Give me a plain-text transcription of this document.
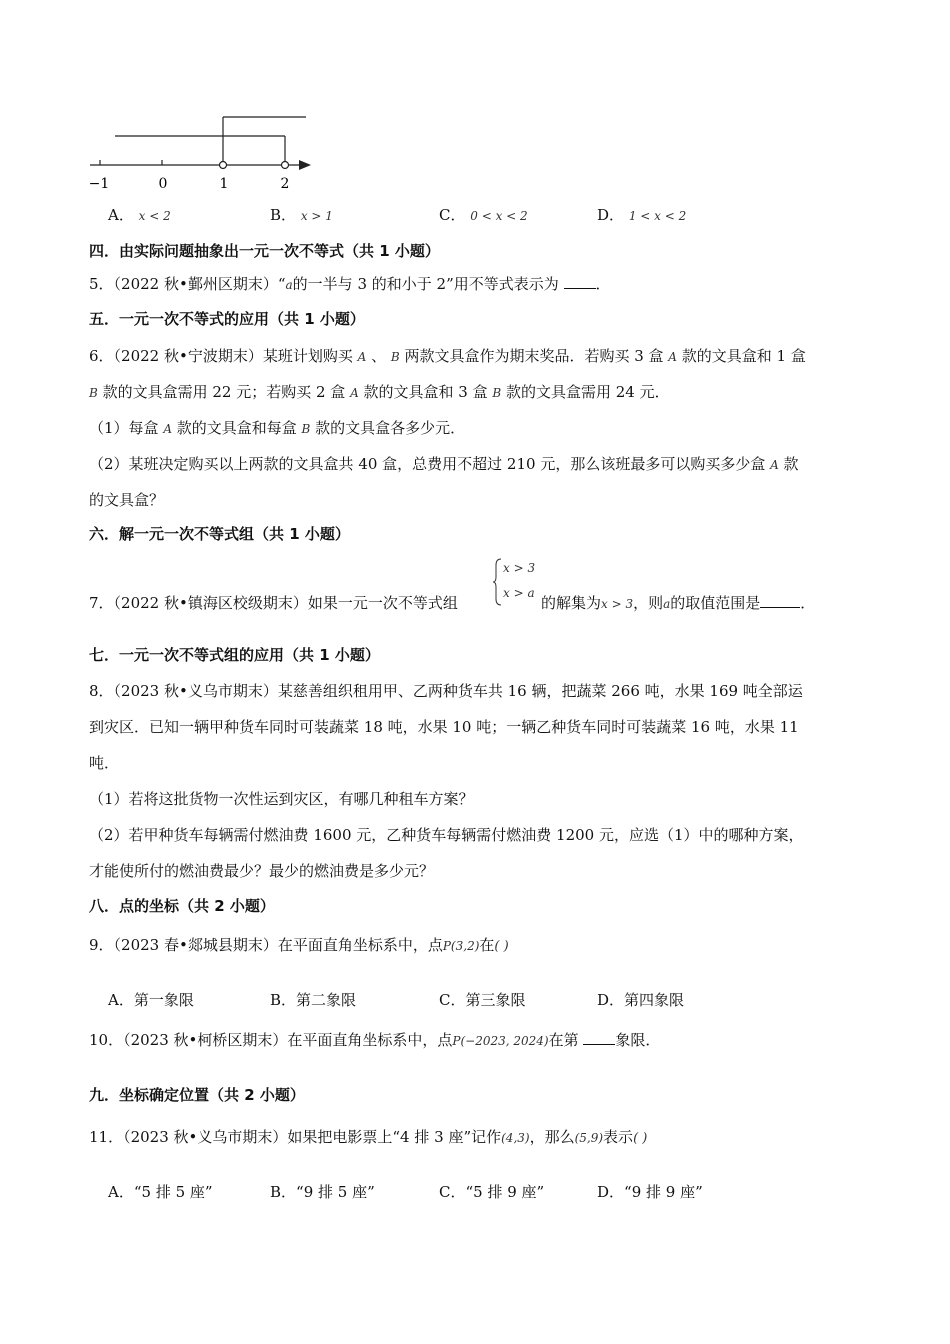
−1	0	1	2
A． x < 2	B． x > 1	C． 0 < x < 2	D． 1 < x < 2
四．由实际问题抽象出一元一次不等式（共 1 小题）
5．（2022 秋•鄞州区期末）“a的一半与 3 的和小于 2”用不等式表示为 ．
五．一元一次不等式的应用（共 1 小题）
6．（2022 秋•宁波期末）某班计划购买 A 、 B 两款文具盒作为期末奖品．若购买 3 盒 A 款的文具盒和 1 盒
B 款的文具盒需用 22 元；若购买 2 盒 A 款的文具盒和 3 盒 B 款的文具盒需用 24 元．
（1）每盒 A 款的文具盒和每盒 B 款的文具盒各多少元．
（2）某班决定购买以上两款的文具盒共 40 盒，总费用不超过 210 元，那么该班最多可以购买多少盒 A 款
的文具盒？
六．解一元一次不等式组（共 1 小题）
7．（2022 秋•镇海区校级期末）如果一元一次不等式组
x > 3
x > a
的解集为x > 3，则a的取值范围是	．
七．一元一次不等式组的应用（共 1 小题）
8．（2023 秋•义乌市期末）某慈善组织租用甲、乙两种货车共 16 辆，把蔬菜 266 吨，水果 169 吨全部运
到灾区．已知一辆甲种货车同时可装蔬菜 18 吨，水果 10 吨；一辆乙种货车同时可装蔬菜 16 吨，水果 11
吨．
（1）若将这批货物一次性运到灾区，有哪几种租车方案？
（2）若甲种货车每辆需付燃油费 1600 元，乙种货车每辆需付燃油费 1200 元，应选（1）中的哪种方案，
才能使所付的燃油费最少？最少的燃油费是多少元？
八．点的坐标（共 2 小题）
9．（2023 春•郯城县期末）在平面直角坐标系中，点P(3,2)在( )
A．第一象限	B．第二象限	C．第三象限	D．第四象限
10．（2023 秋•柯桥区期末）在平面直角坐标系中，点P(−2023, 2024)在第 象限．
九．坐标确定位置（共 2 小题）
11．（2023 秋•义乌市期末）如果把电影票上“4 排 3 座”记作(4,3)，那么(5,9)表示( )
A．“5 排 5 座”	B．“9 排 5 座”	C．“5 排 9 座”	D．“9 排 9 座”
